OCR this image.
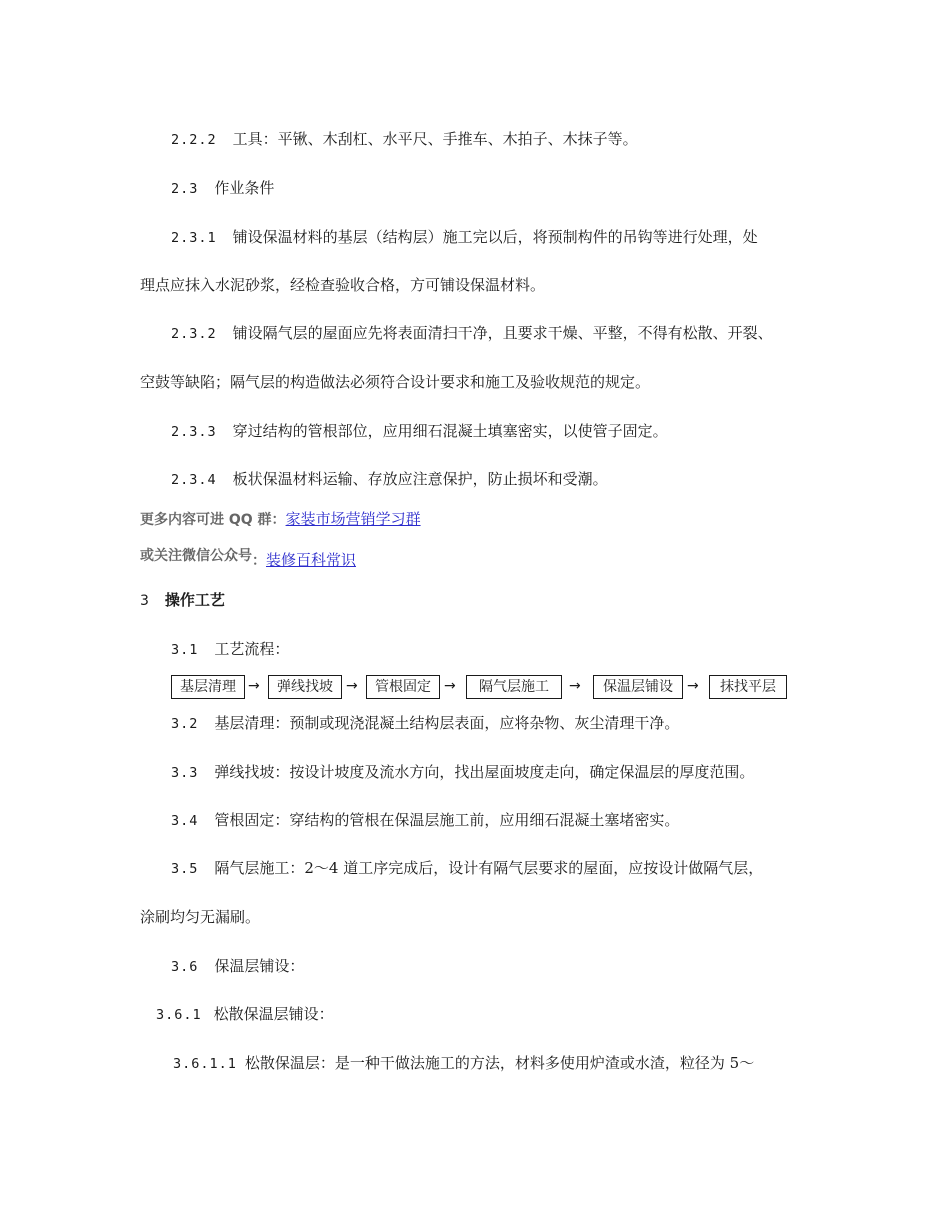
2.2.2 工具：平锹、木刮杠、水平尺、手推车、木拍子、木抹子等。
2.3 作业条件
2.3.1 铺设保温材料的基层（结构层）施工完以后，将预制构件的吊钩等进行处理，处
理点应抹入水泥砂浆，经检查验收合格，方可铺设保温材料。
2.3.2 铺设隔气层的屋面应先将表面清扫干净，且要求干燥、平整，不得有松散、开裂、
空鼓等缺陷；隔气层的构造做法必须符合设计要求和施工及验收规范的规定。
2.3.3 穿过结构的管根部位，应用细石混凝土填塞密实，以使管子固定。
2.3.4 板状保温材料运输、存放应注意保护，防止损坏和受潮。
更多内容可进 QQ 群：家装市场营销学习群
或关注微信公众号：装修百科常识
3 操作工艺
3.1 工艺流程：
基层清理 →	弹线找坡 →	管根固定 →	隔气层施工	→	保温层铺设	→	抹找平层
3.2 基层清理：预制或现浇混凝土结构层表面，应将杂物、灰尘清理干净。
3.3 弹线找坡：按设计坡度及流水方向，找出屋面坡度走向，确定保温层的厚度范围。
3.4 管根固定：穿结构的管根在保温层施工前，应用细石混凝土塞堵密实。
3.5 隔气层施工：2～4 道工序完成后，设计有隔气层要求的屋面，应按设计做隔气层，
涂刷均匀无漏刷。
3.6 保温层铺设：
3.6.1 松散保温层铺设：
3.6.1.1 松散保温层：是一种干做法施工的方法，材料多使用炉渣或水渣，粒径为 5～
